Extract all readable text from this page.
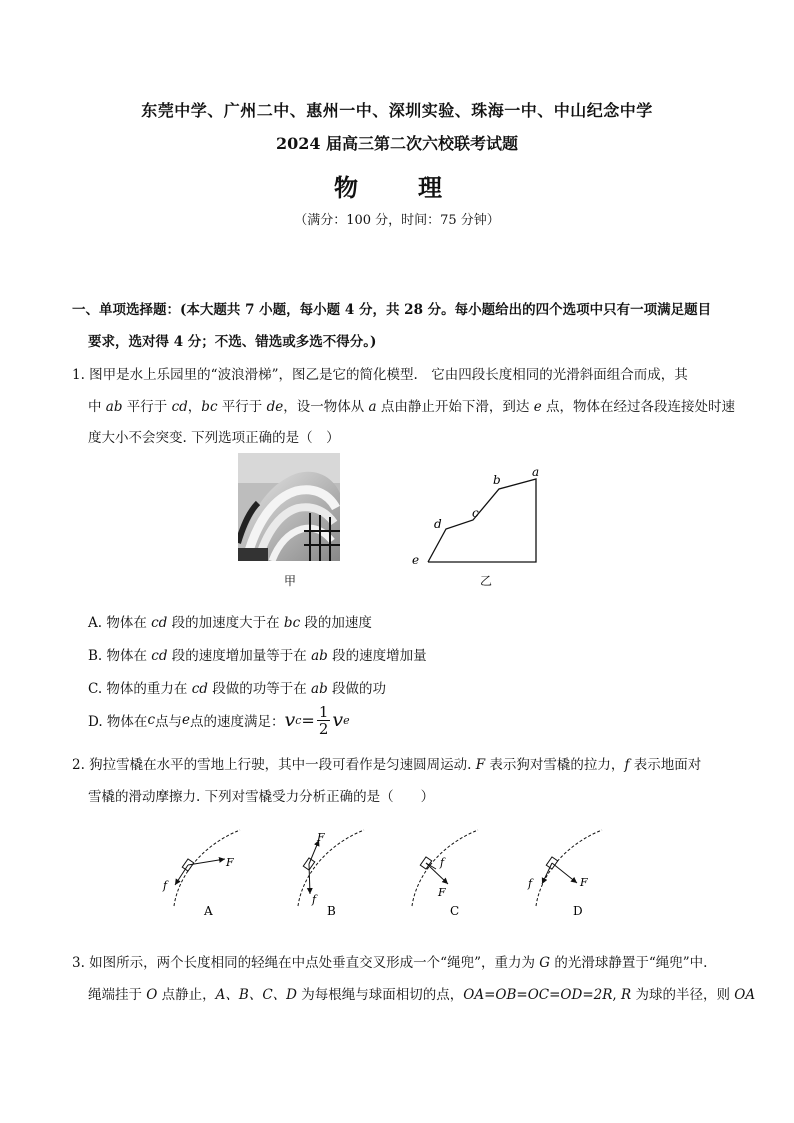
东莞中学、广州二中、惠州一中、深圳实验、珠海一中、中山纪念中学
2024 届高三第二次六校联考试题
物　理
（满分：100 分，时间：75 分钟）
一、单项选择题：(本大题共 7 小题，每小题 4 分，共 28 分。每小题给出的四个选项中只有一项满足题目
要求，选对得 4 分；不选、错选或多选不得分。)
1. 图甲是水上乐园里的“波浪滑梯”，图乙是它的简化模型.　它由四段长度相同的光滑斜面组合而成，其
中 ab 平行于 cd，bc 平行于 de，设一物体从 a 点由静止开始下滑，到达 e 点，物体在经过各段连接处时速
度大小不会突变. 下列选项正确的是（　）
甲
e
d
c
b
a
乙
A. 物体在 cd 段的加速度大于在 bc 段的加速度
B. 物体在 cd 段的速度增加量等于在 ab 段的速度增加量
C. 物体的重力在 cd 段做的功等于在 ab 段做的功
D. 物体在 c 点与 e 点的速度满足： v $c = \frac{1}{2}$ v e
2. 狗拉雪橇在水平的雪地上行驶，其中一段可看作是匀速圆周运动. F 表示狗对雪橇的拉力，f 表示地面对
雪橇的滑动摩擦力. 下列对雪橇受力分析正确的是（　　）
F
f
F
f
f
F
F
f
A	B	C	D
3. 如图所示，两个长度相同的轻绳在中点处垂直交叉形成一个“绳兜”，重力为 G 的光滑球静置于“绳兜”中.
绳端挂于 O 点静止，A、B、C、D 为每根绳与球面相切的点，OA=OB=OC=OD=2R, R 为球的半径，则 OA
